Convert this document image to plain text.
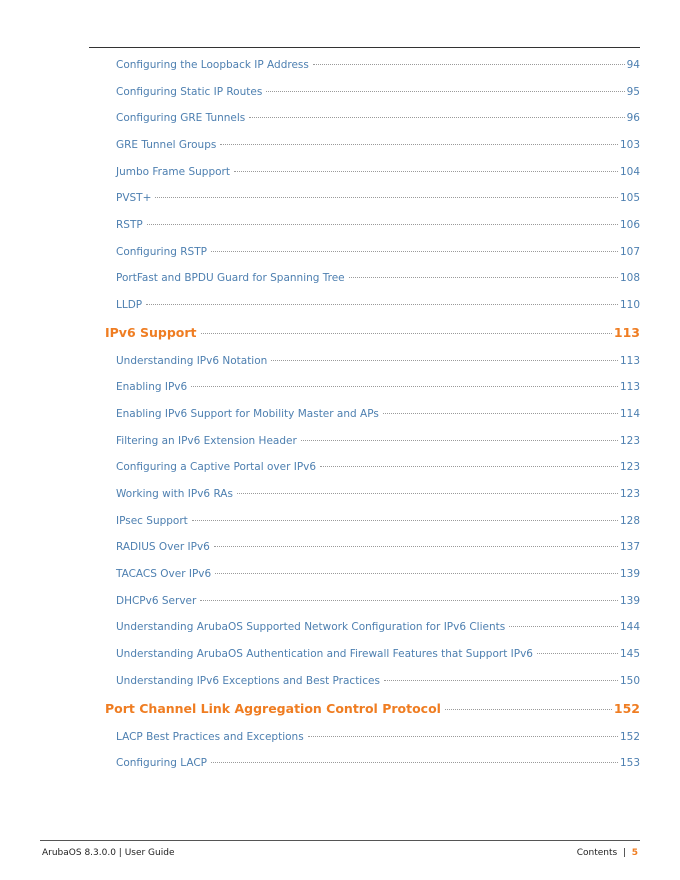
Configuring the Loopback IP Address	94
Configuring Static IP Routes	95
Configuring GRE Tunnels	96
GRE Tunnel Groups	103
Jumbo Frame Support	104
PVST+	105
RSTP	106
Configuring RSTP	107
PortFast and BPDU Guard for Spanning Tree	108
LLDP	110
IPv6 Support	113
Understanding IPv6 Notation	113
Enabling IPv6	113
Enabling IPv6 Support for Mobility Master and APs	114
Filtering an IPv6 Extension Header	123
Configuring a Captive Portal over IPv6	123
Working with IPv6 RAs	123
IPsec Support	128
RADIUS Over IPv6	137
TACACS Over IPv6	139
DHCPv6 Server	139
Understanding ArubaOS Supported Network Configuration for IPv6 Clients	144
Understanding ArubaOS Authentication and Firewall Features that Support IPv6	145
Understanding IPv6 Exceptions and Best Practices	150
Port Channel Link Aggregation Control Protocol	152
LACP Best Practices and Exceptions	152
Configuring LACP	153
ArubaOS 8.3.0.0 | User Guide	Contents | 5
